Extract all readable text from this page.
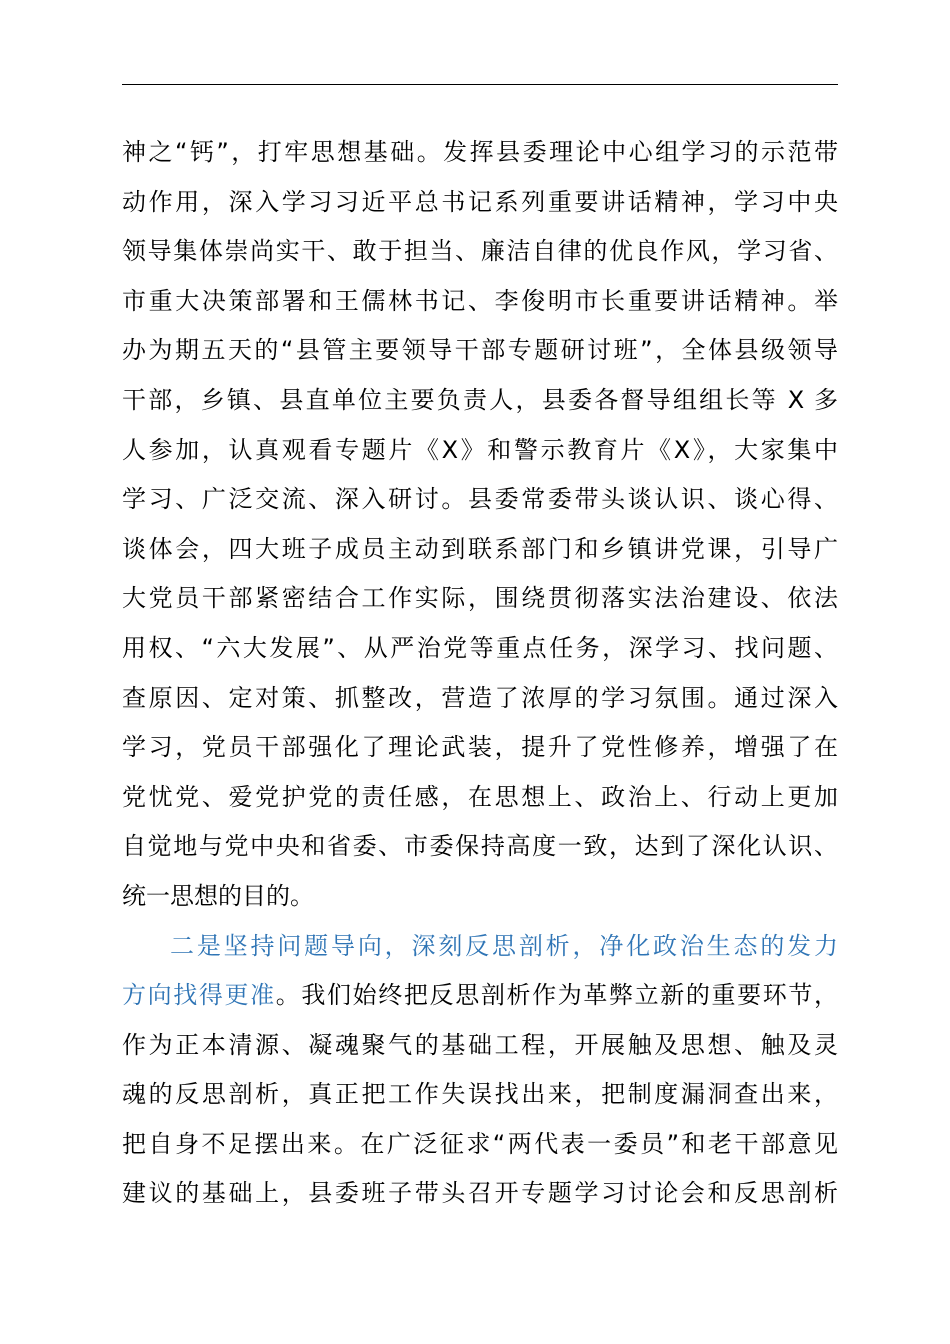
神之“钙”，打牢思想基础。发挥县委理论中心组学习的示范带
动作用，深入学习习近平总书记系列重要讲话精神，学习中央
领导集体崇尚实干、敢于担当、廉洁自律的优良作风，学习省、
市重大决策部署和王儒林书记、李俊明市长重要讲话精神。举
办为期五天的“县管主要领导干部专题研讨班”，全体县级领导
干部，乡镇、县直单位主要负责人，县委各督导组组长等 X 多
人参加，认真观看专题片《X》和警示教育片《X》，大家集中
学习、广泛交流、深入研讨。县委常委带头谈认识、谈心得、
谈体会，四大班子成员主动到联系部门和乡镇讲党课，引导广
大党员干部紧密结合工作实际，围绕贯彻落实法治建设、依法
用权、“六大发展”、从严治党等重点任务，深学习、找问题、
查原因、定对策、抓整改，营造了浓厚的学习氛围。通过深入
学习，党员干部强化了理论武装，提升了党性修养，增强了在
党忧党、爱党护党的责任感，在思想上、政治上、行动上更加
自觉地与党中央和省委、市委保持高度一致，达到了深化认识、
统一思想的目的。
二是坚持问题导向，深刻反思剖析，净化政治生态的发力
方向找得更准。我们始终把反思剖析作为革弊立新的重要环节，
作为正本清源、凝魂聚气的基础工程，开展触及思想、触及灵
魂的反思剖析，真正把工作失误找出来，把制度漏洞查出来，
把自身不足摆出来。在广泛征求“两代表一委员”和老干部意见
建议的基础上，县委班子带头召开专题学习讨论会和反思剖析
